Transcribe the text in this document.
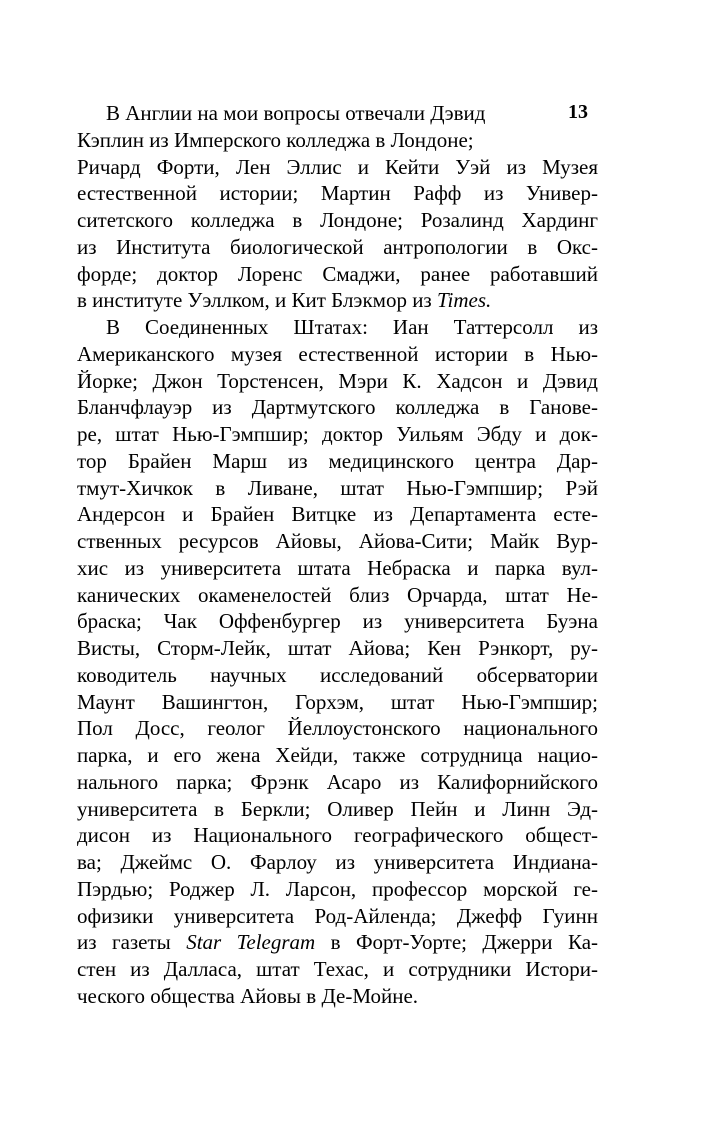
13
В Англии на мои вопросы отвечали Дэвид
Кэплин из Имперского колледжа в Лондоне;
Ричард Форти, Лен Эллис и Кейти Уэй из Музея
естественной истории; Мартин Рафф из Универ-
ситетского колледжа в Лондоне; Розалинд Хардинг
из Института биологической антропологии в Окс-
форде; доктор Лоренс Смаджи, ранее работавший
в институте Уэллком, и Кит Блэкмор из Times.
В Соединенных Штатах: Иан Таттерсолл из
Американского музея естественной истории в Нью-
Йорке; Джон Торстенсен, Мэри К. Хадсон и Дэвид
Бланчфлауэр из Дартмутского колледжа в Ганове-
ре, штат Нью-Гэмпшир; доктор Уильям Эбду и док-
тор Брайен Марш из медицинского центра Дар-
тмут-Хичкок в Ливане, штат Нью-Гэмпшир; Рэй
Андерсон и Брайен Витцке из Департамента есте-
ственных ресурсов Айовы, Айова-Сити; Майк Вур-
хис из университета штата Небраска и парка вул-
канических окаменелостей близ Орчарда, штат Не-
браска; Чак Оффенбургер из университета Буэна
Висты, Сторм-Лейк, штат Айова; Кен Рэнкорт, ру-
ководитель научных исследований обсерватории
Маунт Вашингтон, Горхэм, штат Нью-Гэмпшир;
Пол Досс, геолог Йеллоустонского национального
парка, и его жена Хейди, также сотрудница нацио-
нального парка; Фрэнк Асаро из Калифорнийского
университета в Беркли; Оливер Пейн и Линн Эд-
дисон из Национального географического общест-
ва; Джеймс О. Фарлоу из университета Индиана-
Пэрдью; Роджер Л. Ларсон, профессор морской ге-
офизики университета Род-Айленда; Джефф Гуинн
из газеты Star Telegram в Форт-Уорте; Джерри Ка-
стен из Далласа, штат Техас, и сотрудники Истори-
ческого общества Айовы в Де-Мойне.
